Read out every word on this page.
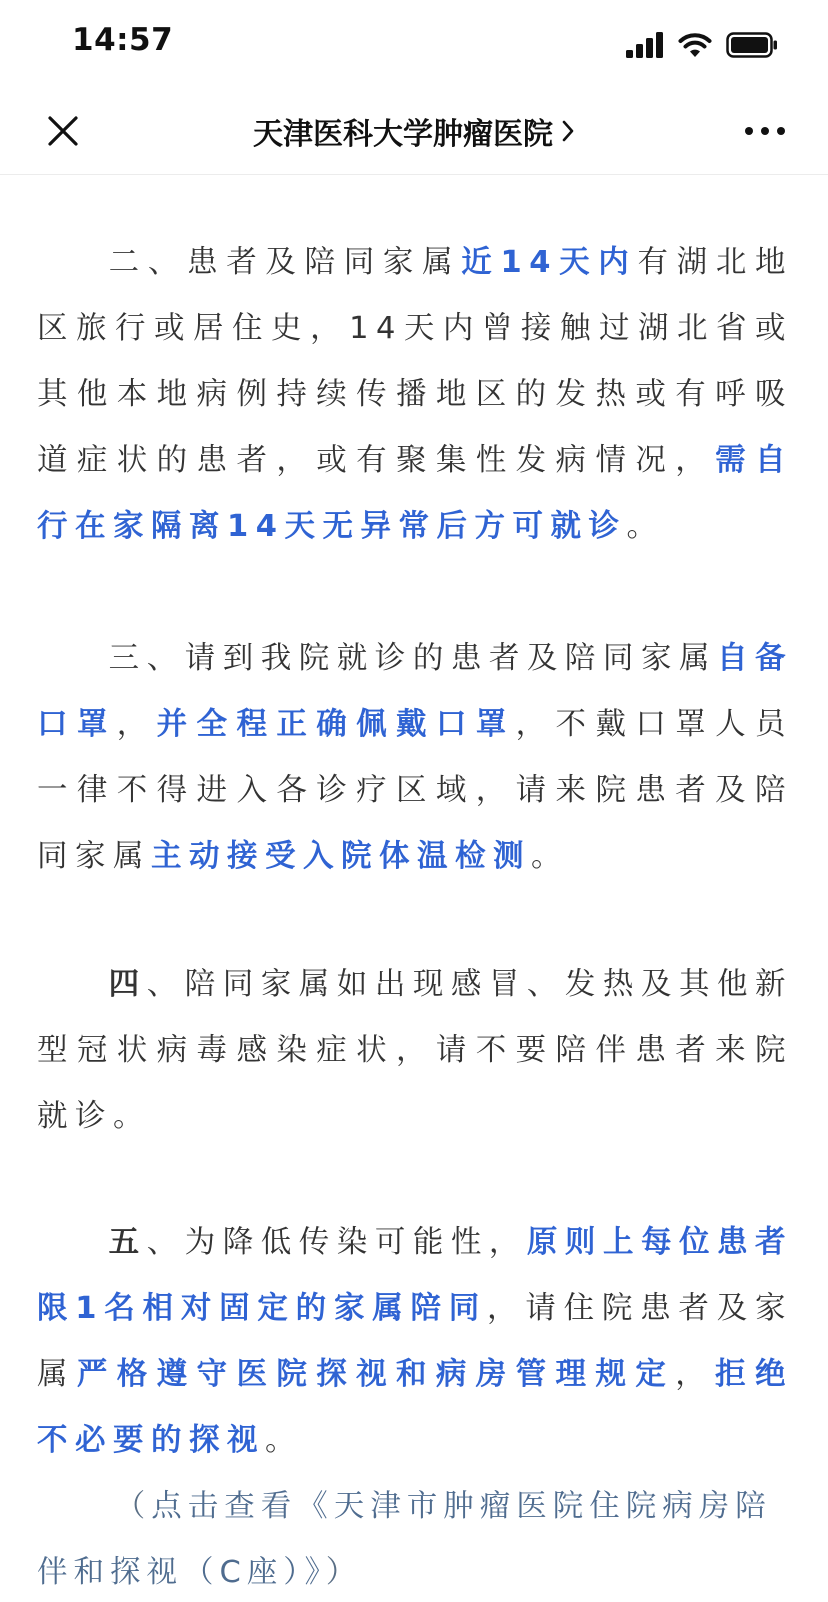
14:57
天津医科大学肿瘤医院

二、患者及陪同家属近14天内有湖北地区旅行或居住史，14天内曾接触过湖北省或其他本地病例持续传播地区的发热或有呼吸道症状的患者，或有聚集性发病情况，需自行在家隔离14天无异常后方可就诊。

三、请到我院就诊的患者及陪同家属自备口罩，并全程正确佩戴口罩，不戴口罩人员一律不得进入各诊疗区域，请来院患者及陪同家属主动接受入院体温检测。

四、陪同家属如出现感冒、发热及其他新型冠状病毒感染症状，请不要陪伴患者来院就诊。

五、为降低传染可能性，原则上每位患者限1名相对固定的家属陪同，请住院患者及家属严格遵守医院探视和病房管理规定，拒绝不必要的探视。

（点击查看《天津市肿瘤医院住院病房陪伴和探视（C座）》）
